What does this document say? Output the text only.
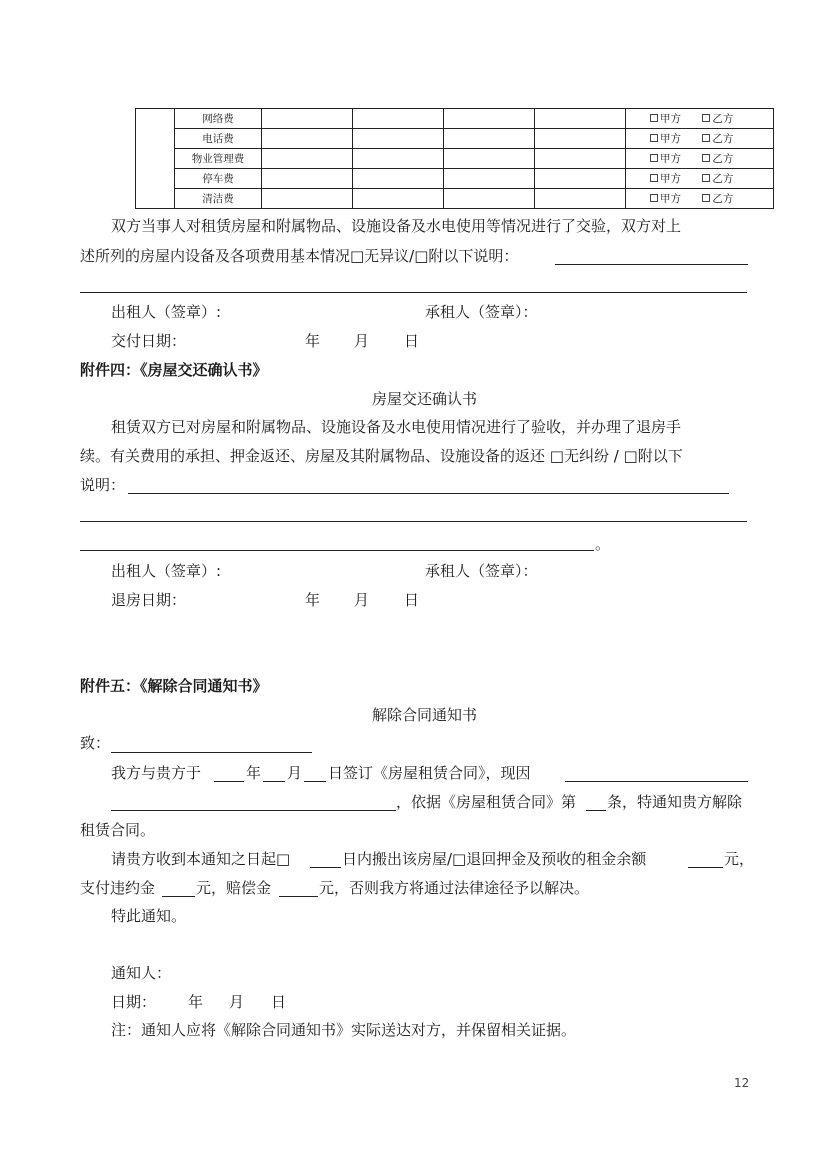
	网络费					甲方 乙方
	电话费					甲方 乙方
	物业管理费					甲方 乙方
	停车费					甲方 乙方
	清洁费					甲方 乙方
双方当事人对租赁房屋和附属物品、设施设备及水电使用等情况进行了交验，双方对上
述所列的房屋内设备及各项费用基本情况□无异议/□附以下说明：
出租人（签章）:	承租人（签章）：
交付日期：	年 月 日
附件四：《房屋交还确认书》
房屋交还确认书
租赁双方已对房屋和附属物品、设施设备及水电使用情况进行了验收，并办理了退房手
续。有关费用的承担、押金返还、房屋及其附属物品、设施设备的返还 □无纠纷 / □附以下
说明：
。
出租人（签章）:	承租人（签章）：
退房日期：	年 月 日
附件五：《解除合同通知书》
解除合同通知书
致：
我方与贵方于	年 月 日签订《房屋租赁合同》，现因
，依据《房屋租赁合同》第 条，特通知贵方解除
租赁合同。
请贵方收到本通知之日起□	日内搬出该房屋/□退回押金及预收的租金余额	元，
支付违约金	元，赔偿金	元，否则我方将通过法律途径予以解决。
特此通知。
通知人：
日期： 年 月 日
注：通知人应将《解除合同通知书》实际送达对方，并保留相关证据。
12
